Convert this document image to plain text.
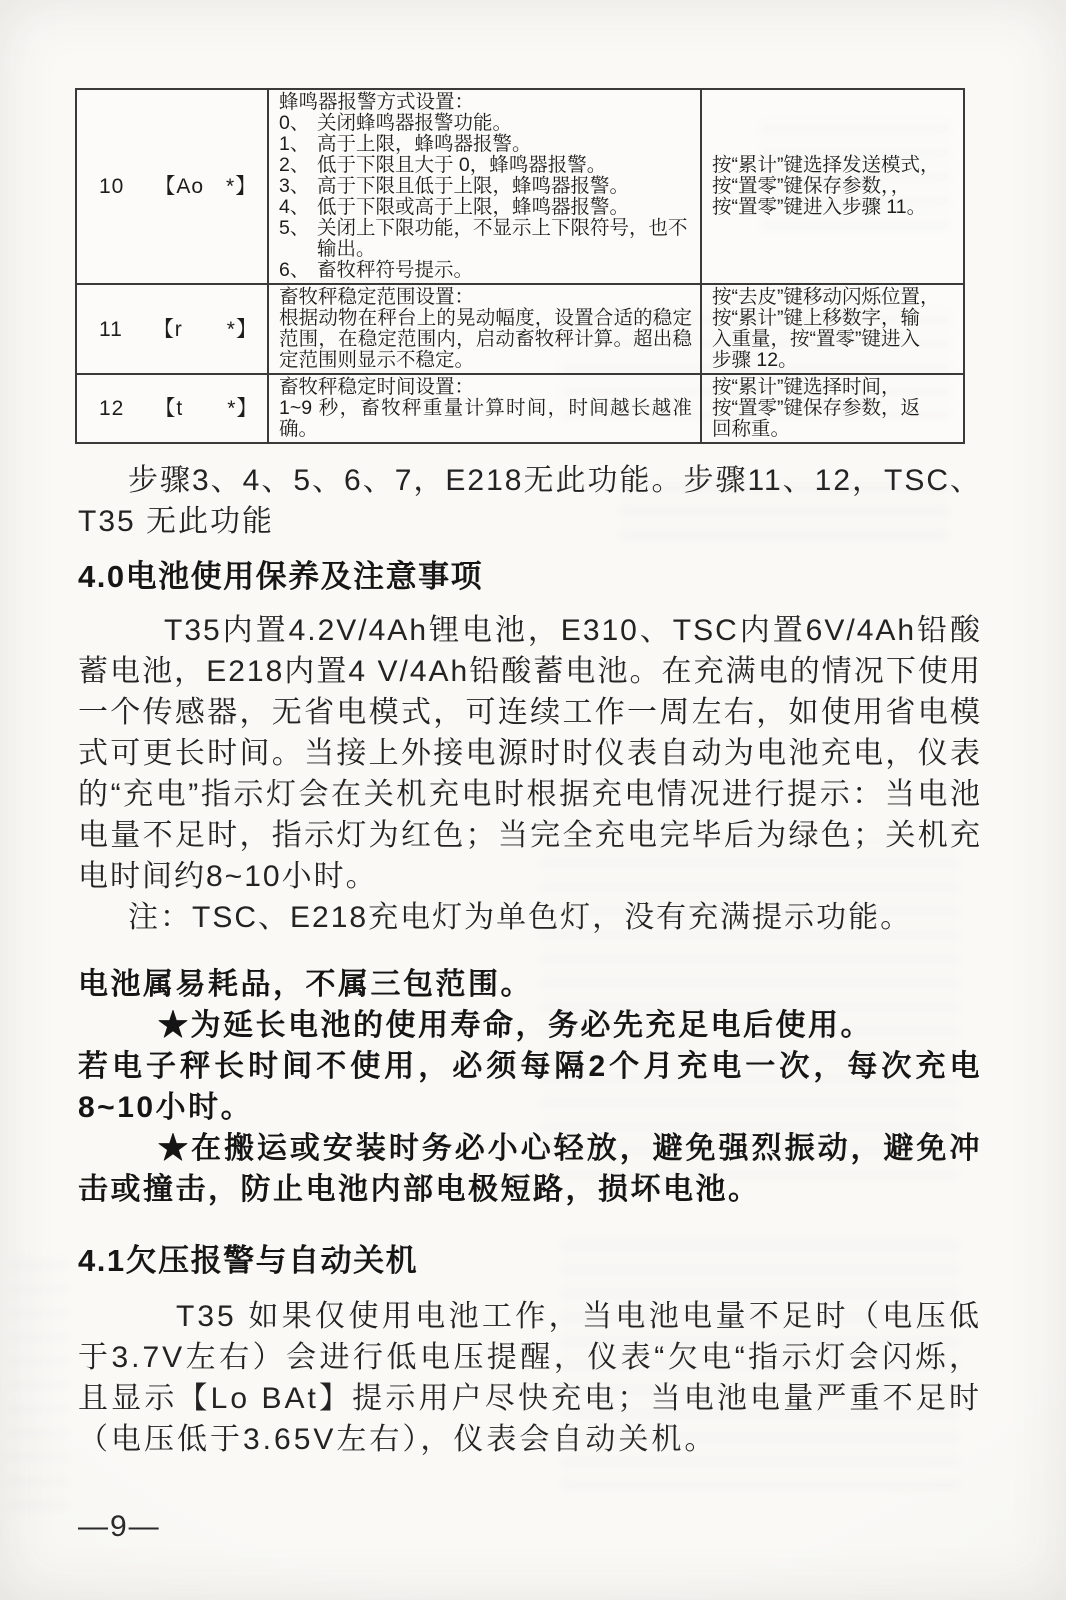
10 【Ao　*】
蜂鸣器报警方式设置：
0、 关闭蜂鸣器报警功能。
1、 高于上限，蜂鸣器报警。
2、 低于下限且大于 0，蜂鸣器报警。
3、 高于下限且低于上限，蜂鸣器报警。
4、 低于下限或高于上限，蜂鸣器报警。
5、 关闭上下限功能，不显示上下限符号，也不输出。
6、 畜牧秤符号提示。
按“累计”键选择发送模式，
按“置零”键保存参数，，
按“置零”键进入步骤 11。
11 【r　　*】
畜牧秤稳定范围设置：
根据动物在秤台上的晃动幅度，设置合适的稳定范围，在稳定范围内，启动畜牧秤计算。超出稳定范围则显示不稳定。
按“去皮”键移动闪烁位置，
按“累计”键上移数字，输
入重量，按“置零”键进入
步骤 12。
12 【t　　*】
畜牧秤稳定时间设置：
1~9 秒，畜牧秤重量计算时间，时间越长越准确。
按“累计”键选择时间，
按“置零”键保存参数，返
回称重。

步骤3、4、5、6、7，E218无此功能。步骤11、12，TSC、T35 无此功能

4.0电池使用保养及注意事项

T35内置4.2V/4Ah锂电池，E310、TSC内置6V/4Ah铅酸蓄电池，E218内置4 V/4Ah铅酸蓄电池。在充满电的情况下使用一个传感器，无省电模式，可连续工作一周左右，如使用省电模式可更长时间。当接上外接电源时时仪表自动为电池充电，仪表的“充电”指示灯会在关机充电时根据充电情况进行提示：当电池电量不足时，指示灯为红色；当完全充电完毕后为绿色；关机充电时间约8~10小时。

注：TSC、E218充电灯为单色灯，没有充满提示功能。

电池属易耗品，不属三包范围。

★为延长电池的使用寿命，务必先充足电后使用。

若电子秤长时间不使用，必须每隔2个月充电一次，每次充电8~10小时。

★在搬运或安装时务必小心轻放，避免强烈振动，避免冲击或撞击，防止电池内部电极短路，损坏电池。

4.1欠压报警与自动关机

T35 如果仅使用电池工作，当电池电量不足时（电压低于3.7V左右）会进行低电压提醒，仪表“欠电“指示灯会闪烁，且显示【Lo BAt】提示用户尽快充电；当电池电量严重不足时（电压低于3.65V左右），仪表会自动关机。

—9—
